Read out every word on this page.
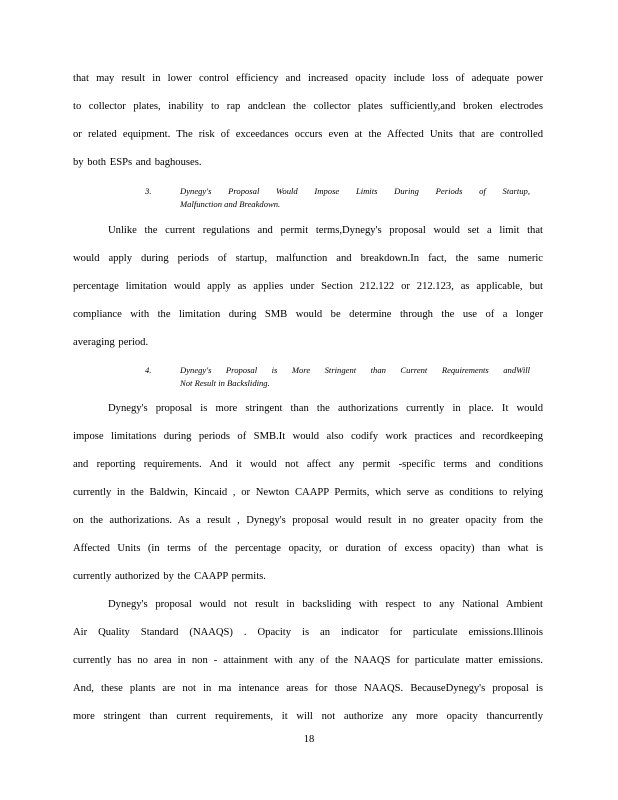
that may result in lower control efficiency and increased opacity include loss of adequate power
to collector plates, inability to rap andclean the collector plates sufficiently,and broken electrodes
or related equipment. The risk of exceedances occurs even at the Affected Units that are controlled
by both ESPs and baghouses.
3.	Dynegy's Proposal Would Impose Limits During Periods of Startup,
Malfunction and Breakdown.
Unlike the current regulations and permit terms,Dynegy's proposal would set a limit that
would apply during periods of startup, malfunction and breakdown.In fact, the same numeric
percentage limitation would apply as applies under Section 212.122 or 212.123, as applicable, but
compliance with the limitation during SMB would be determine through the use of a longer
averaging period.
4.	Dynegy's Proposal is More Stringent than Current Requirements andWill
Not Result in Backsliding.
Dynegy's proposal is more stringent than the authorizations currently in place. It would
impose limitations during periods of SMB.It would also codify work practices and recordkeeping
and reporting requirements. And it would not affect any permit -specific terms and conditions
currently in the Baldwin, Kincaid , or Newton CAAPP Permits, which serve as conditions to relying
on the authorizations. As a result , Dynegy's proposal would result in no greater opacity from the
Affected Units (in terms of the percentage opacity, or duration of excess opacity) than what is
currently authorized by the CAAPP permits.
Dynegy's proposal would not result in backsliding with respect to any National Ambient
Air Quality Standard (NAAQS) . Opacity is an indicator for particulate emissions.Illinois
currently has no area in non - attainment with any of the NAAQS for particulate matter emissions.
And, these plants are not in ma intenance areas for those NAAQS. BecauseDynegy's proposal is
more stringent than current requirements, it will not authorize any more opacity thancurrently
18
